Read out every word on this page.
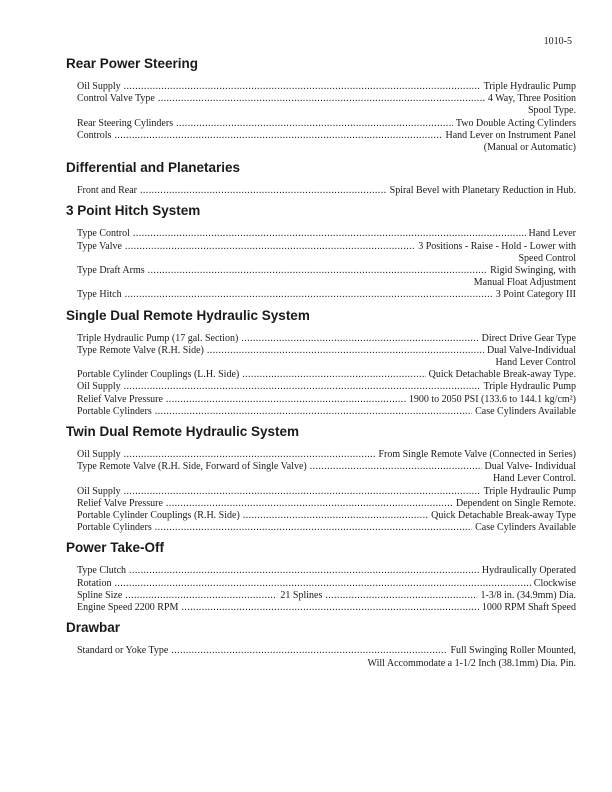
1010-5
Rear Power Steering
Oil Supply .....	Triple Hydraulic Pump
Control Valve Type .....	4 Way, Three Position
Spool Type.
Rear Steering Cylinders .....	Two Double Acting Cylinders
Controls .....	Hand Lever on Instrument Panel
(Manual or Automatic)
Differential and Planetaries
Front and Rear .....	Spiral Bevel with Planetary Reduction in Hub.
3 Point Hitch System
Type Control .....	Hand Lever
Type Valve .....	3 Positions - Raise - Hold - Lower with
Speed Control
Type Draft Arms .....	Rigid Swinging, with
Manual Float Adjustment
Type Hitch .....	3 Point Category III
Single Dual Remote Hydraulic System
Triple Hydraulic Pump (17 gal. Section) .....	Direct Drive Gear Type
Type Remote Valve (R.H. Side) .....	Dual Valve-Individual
Hand Lever Control
Portable Cylinder Couplings (L.H. Side) .....	Quick Detachable Break-away Type.
Oil Supply .....	Triple Hydraulic Pump
Relief Valve Pressure .....	1900 to 2050 PSI (133.6 to 144.1 kg/cm²)
Portable Cylinders .....	Case Cylinders Available
Twin Dual Remote Hydraulic System
Oil Supply .....	From Single Remote Valve (Connected in Series)
Type Remote Valve (R.H. Side, Forward of Single Valve) .....	Dual Valve- Individual
Hand Lever Control.
Oil Supply .....	Triple Hydraulic Pump
Relief Valve Pressure .....	Dependent on Single Remote.
Portable Cylinder Couplings (R.H. Side) .....	Quick Detachable Break-away Type
Portable Cylinders .....	Case Cylinders Available
Power Take-Off
Type Clutch .....	Hydraulically Operated
Rotation .....	Clockwise
Spline Size .....	21 Splines .....	1-3/8 in. (34.9mm) Dia.
Engine Speed 2200 RPM .....	1000 RPM Shaft Speed
Drawbar
Standard or Yoke Type .....	Full Swinging Roller Mounted,
Will Accommodate a 1-1/2 Inch (38.1mm) Dia. Pin.
